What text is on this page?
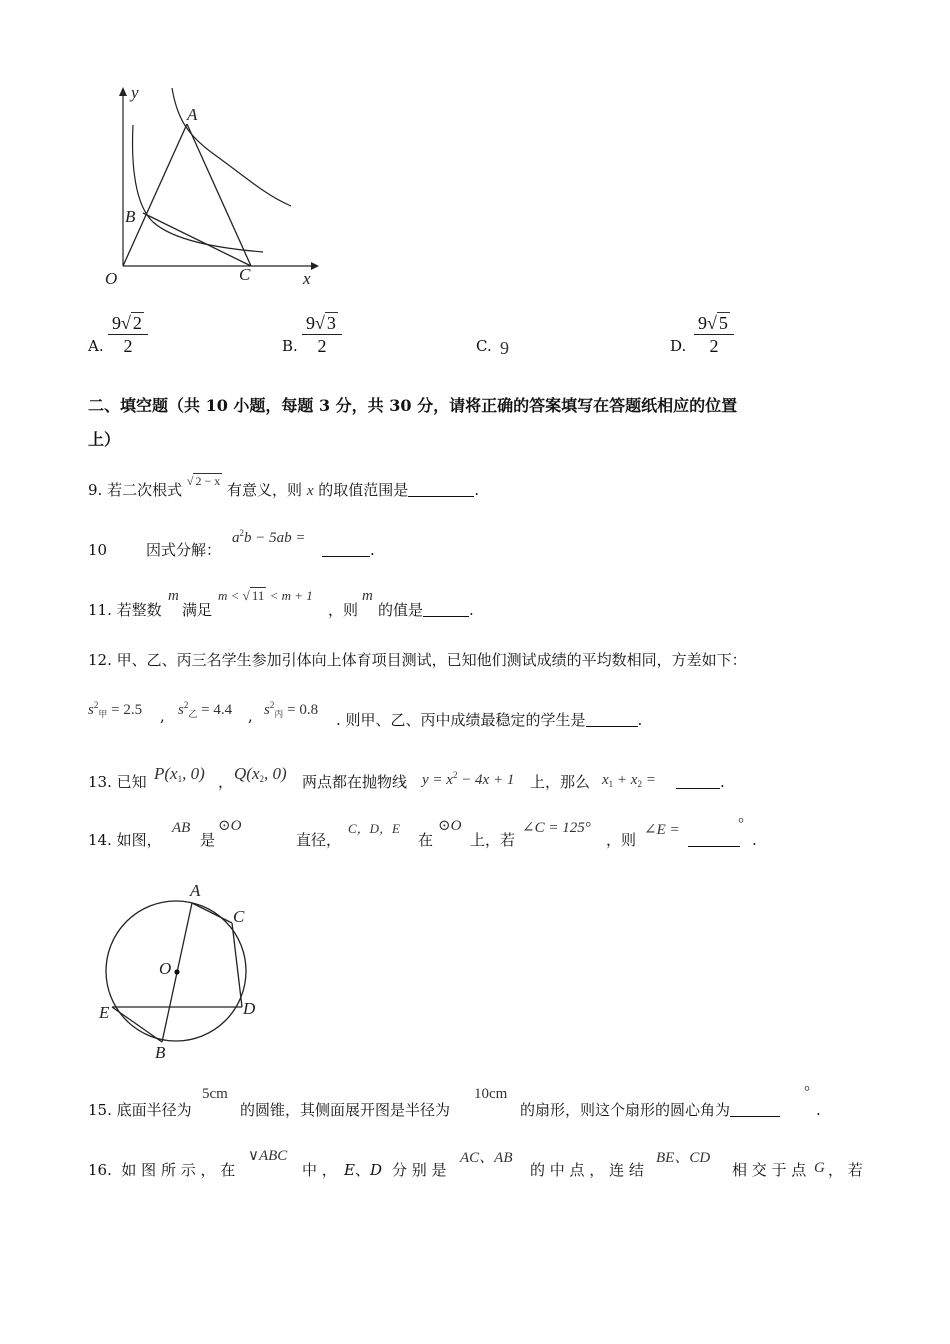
y
x
O
A
B
C
A. $\frac{9√ 2}{2}$	B. $\frac{9√ 3}{2}$	C. 9	D. $\frac{9√ 5}{2}$
二、填空题（共 10 小题，每题 3 分，共 30 分，请将正确的答案填写在答题纸相应的位置
上）
9. 若二次根式 $^{√ 2 - x}$ 有意义，则 x 的取值范围是	.
10	因式分解：
$a^2b - 5ab$ =
.
11. 若整数
m
满足
m < √ 11 < m + 1
，则
m
的值是	.
12. 甲、乙、丙三名学生参加引体向上体育项目测试，已知他们测试成绩的平均数相同，方差如下：
$s^2_甲 = 2.5$ , $s^2_乙 = 4.4$ , $s^2_丙 = 0.8$
. 则甲、乙、丙中成绩最稳定的学生是	.
13. 已知 $P(x_1$, 0) ， $Q(x_2$, 0) 两点都在抛物线 $y = x^2 - 4x + 1$ 上，那么 $x_1 + x_2$ =	.
14. 如图，
AB
是
⊙O
直径，
C，D，E
在
⊙O
上，若
∠C = 125°
，则
∠E =	°
.
A
C
O
E	D
B
15. 底面半径为
5cm
的圆锥，其侧面展开图是半径为
10cm
的扇形，则这个扇形的圆心角为
°
.
16. 如 图 所 示 ， 在
∨ABC
中 ， E、D 分 别 是
AC、AB
的 中 点 ， 连 结
BE、CD
相 交 于 点 G ， 若
